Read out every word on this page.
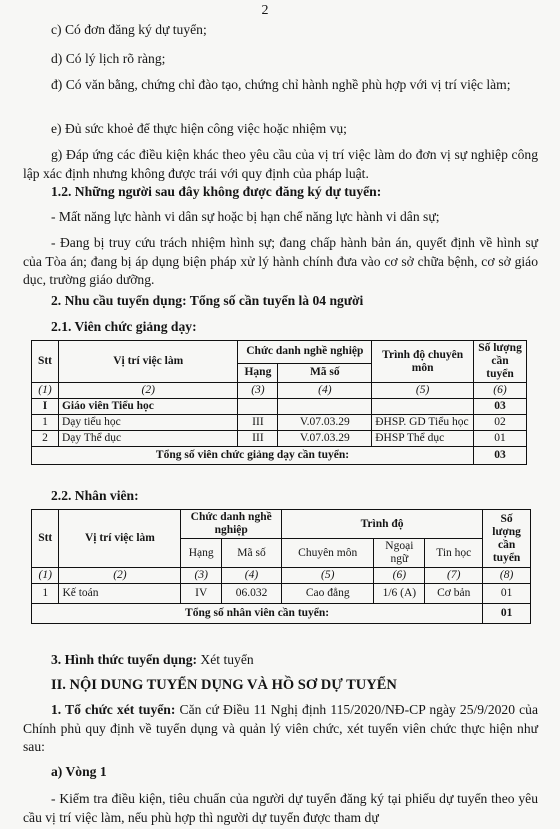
2
c) Có đơn đăng ký dự tuyển;
d) Có lý lịch rõ ràng;
đ) Có văn bằng, chứng chỉ đào tạo, chứng chỉ hành nghề phù hợp với vị trí việc làm;
e) Đủ sức khoẻ để thực hiện công việc hoặc nhiệm vụ;
g) Đáp ứng các điều kiện khác theo yêu cầu của vị trí việc làm do đơn vị sự nghiệp công lập xác định nhưng không được trái với quy định của pháp luật.
1.2. Những người sau đây không được đăng ký dự tuyển:
- Mất năng lực hành vi dân sự hoặc bị hạn chế năng lực hành vi dân sự;
- Đang bị truy cứu trách nhiệm hình sự; đang chấp hành bản án, quyết định về hình sự của Tòa án; đang bị áp dụng biện pháp xử lý hành chính đưa vào cơ sở chữa bệnh, cơ sở giáo dục, trường giáo dưỡng.
2. Nhu cầu tuyển dụng: Tổng số cần tuyển là 04 người
2.1. Viên chức giảng dạy:
Stt	Vị trí việc làm	Chức danh nghề nghiệp		Trình độ chuyên môn	Số lượng cần tuyển
		Hạng	Mã số		
(1)	(2)	(3)	(4)	(5)	(6)
I	Giáo viên Tiểu học				03
1	Dạy tiểu học	III	V.07.03.29	ĐHSP. GD Tiểu học	02
2	Dạy Thể dục	III	V.07.03.29	ĐHSP Thể dục	01
Tổng số viên chức giảng dạy cần tuyển:					03
2.2. Nhân viên:
Stt	Vị trí việc làm	Chức danh nghề nghiệp		Trình độ			Số lượng cần tuyển
		Hạng	Mã số	Chuyên môn	Ngoại ngữ	Tin học	
(1)	(2)	(3)	(4)	(5)	(6)	(7)	(8)
1	Kế toán	IV	06.032	Cao đẳng	1/6 (A)	Cơ bản	01
Tổng số nhân viên cần tuyển:							01
3. Hình thức tuyển dụng: Xét tuyển
II. NỘI DUNG TUYỂN DỤNG VÀ HỒ SƠ DỰ TUYỂN
1. Tổ chức xét tuyển: Căn cứ Điều 11 Nghị định 115/2020/NĐ-CP ngày 25/9/2020 của Chính phủ quy định về tuyển dụng và quản lý viên chức, xét tuyển viên chức thực hiện như sau:
a) Vòng 1
- Kiểm tra điều kiện, tiêu chuẩn của người dự tuyển đăng ký tại phiếu dự tuyển theo yêu cầu vị trí việc làm, nếu phù hợp thì người dự tuyển được tham dự
